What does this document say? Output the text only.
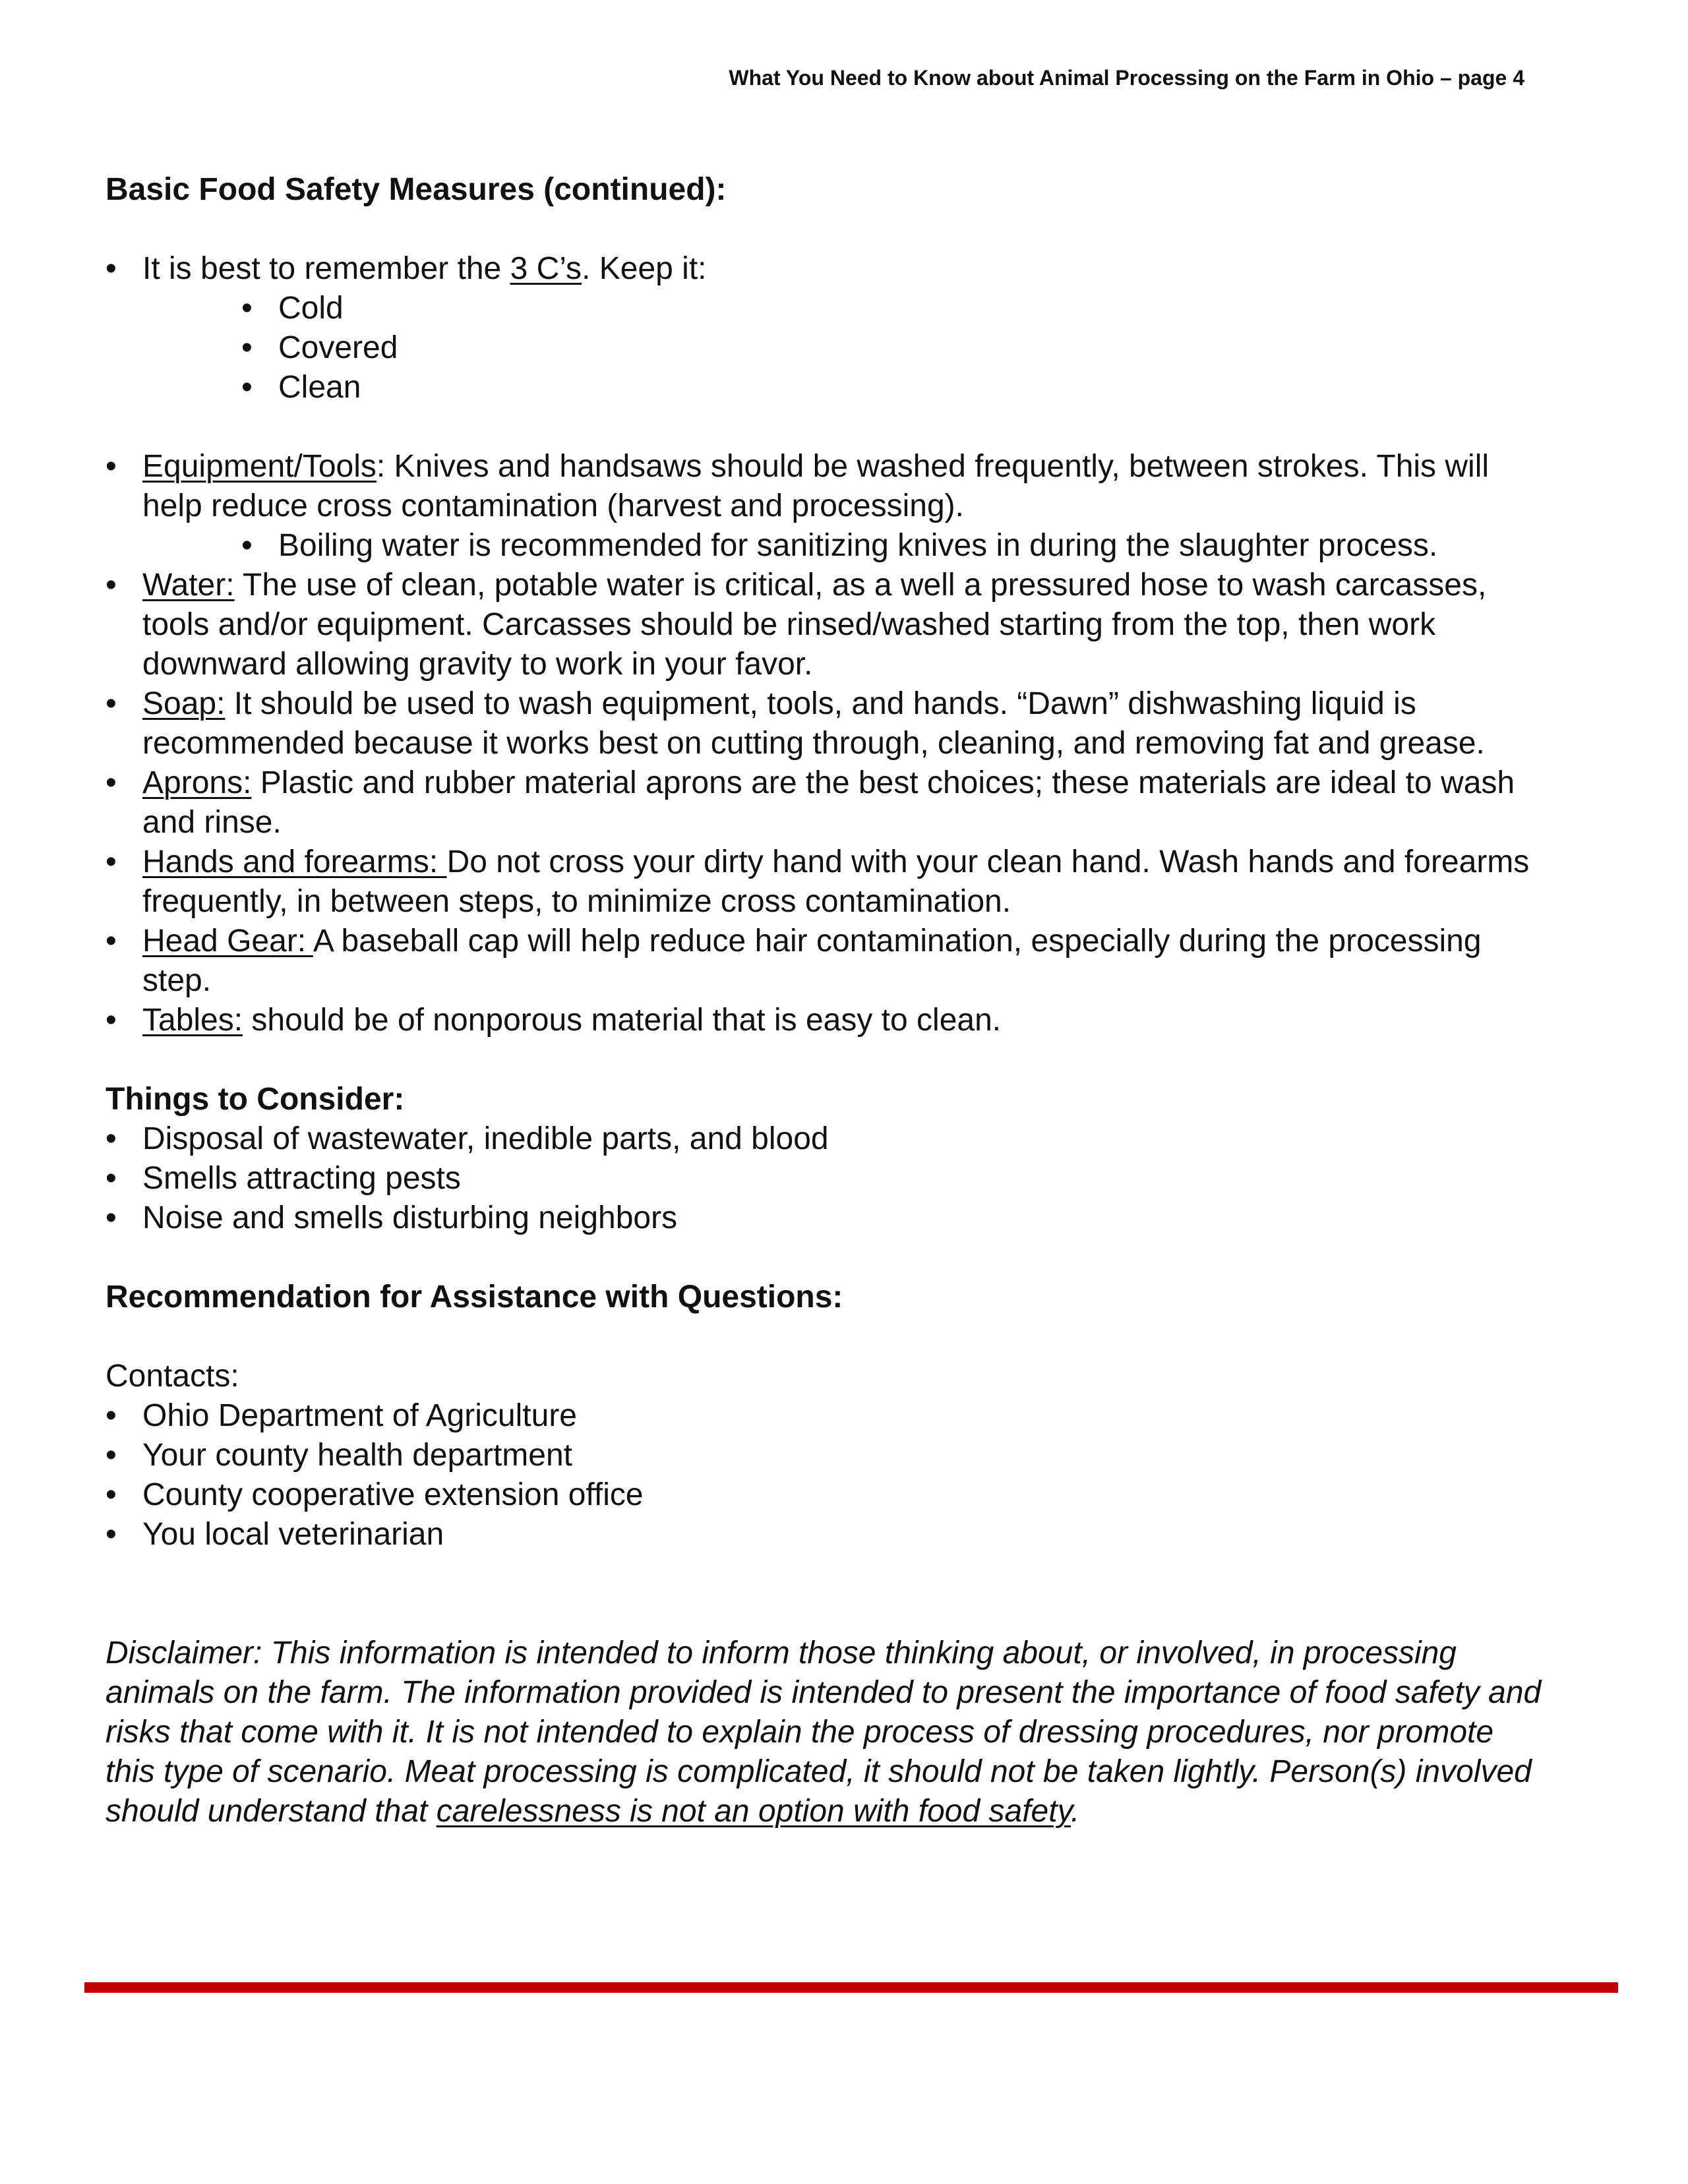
What You Need to Know about Animal Processing on the Farm in Ohio – page 4

Basic Food Safety Measures (continued):

• It is best to remember the 3 C’s. Keep it:
• Cold
• Covered
• Clean
• Equipment/Tools: Knives and handsaws should be washed frequently, between strokes. This will help reduce cross contamination (harvest and processing).
• Boiling water is recommended for sanitizing knives in during the slaughter process.
• Water: The use of clean, potable water is critical, as a well a pressured hose to wash carcasses, tools and/or equipment. Carcasses should be rinsed/washed starting from the top, then work downward allowing gravity to work in your favor.
• Soap: It should be used to wash equipment, tools, and hands. “Dawn” dishwashing liquid is recommended because it works best on cutting through, cleaning, and removing fat and grease.
• Aprons: Plastic and rubber material aprons are the best choices; these materials are ideal to wash and rinse.
• Hands and forearms: Do not cross your dirty hand with your clean hand. Wash hands and forearms frequently, in between steps, to minimize cross contamination.
• Head Gear: A baseball cap will help reduce hair contamination, especially during the processing step.
• Tables: should be of nonporous material that is easy to clean.

Things to Consider:

• Disposal of wastewater, inedible parts, and blood
• Smells attracting pests
• Noise and smells disturbing neighbors

Recommendation for Assistance with Questions:

Contacts:

• Ohio Department of Agriculture
• Your county health department
• County cooperative extension office
• You local veterinarian

Disclaimer: This information is intended to inform those thinking about, or involved, in processing animals on the farm. The information provided is intended to present the importance of food safety and risks that come with it. It is not intended to explain the process of dressing procedures, nor promote this type of scenario. Meat processing is complicated, it should not be taken lightly. Person(s) involved should understand that carelessness is not an option with food safety.
